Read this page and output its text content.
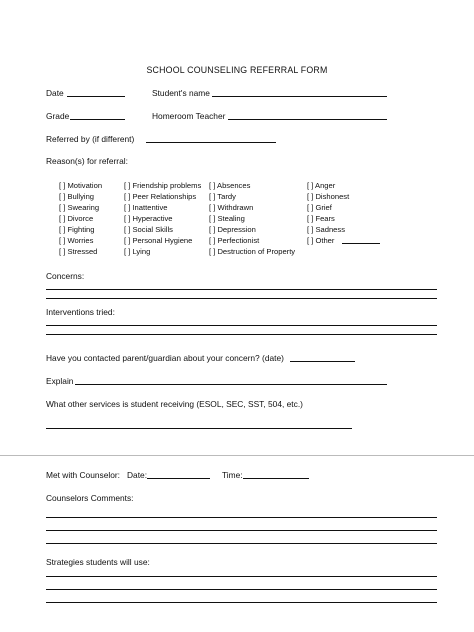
SCHOOL COUNSELING REFERRAL FORM
Date	Student's name
Grade	Homeroom Teacher
Referred by (if different)
Reason(s) for referral:
[ ] Motivation	[ ] Friendship problems [ ] Absences	[ ] Anger
[ ] Bullying	[ ] Peer Relationships [ ] Tardy	[ ] Dishonest
[ ] Swearing	[ ] Inattentive	[ ] Withdrawn	[ ] Grief
[ ] Divorce	[ ] Hyperactive	[ ] Stealing	[ ] Fears
[ ] Fighting	[ ] Social Skills	[ ] Depression	[ ] Sadness
[ ] Worries	[ ] Personal Hygiene [ ] Perfectionist	[ ] Other
[ ] Stressed	[ ] Lying	[ ] Destruction of Property
Concerns:
Interventions tried:
Have you contacted parent/guardian about your concern? (date)
Explain
What other services is student receiving (ESOL, SEC, SST, 504, etc.)
Met with Counselor: Date:	Time:
Counselors Comments:
Strategies students will use:
